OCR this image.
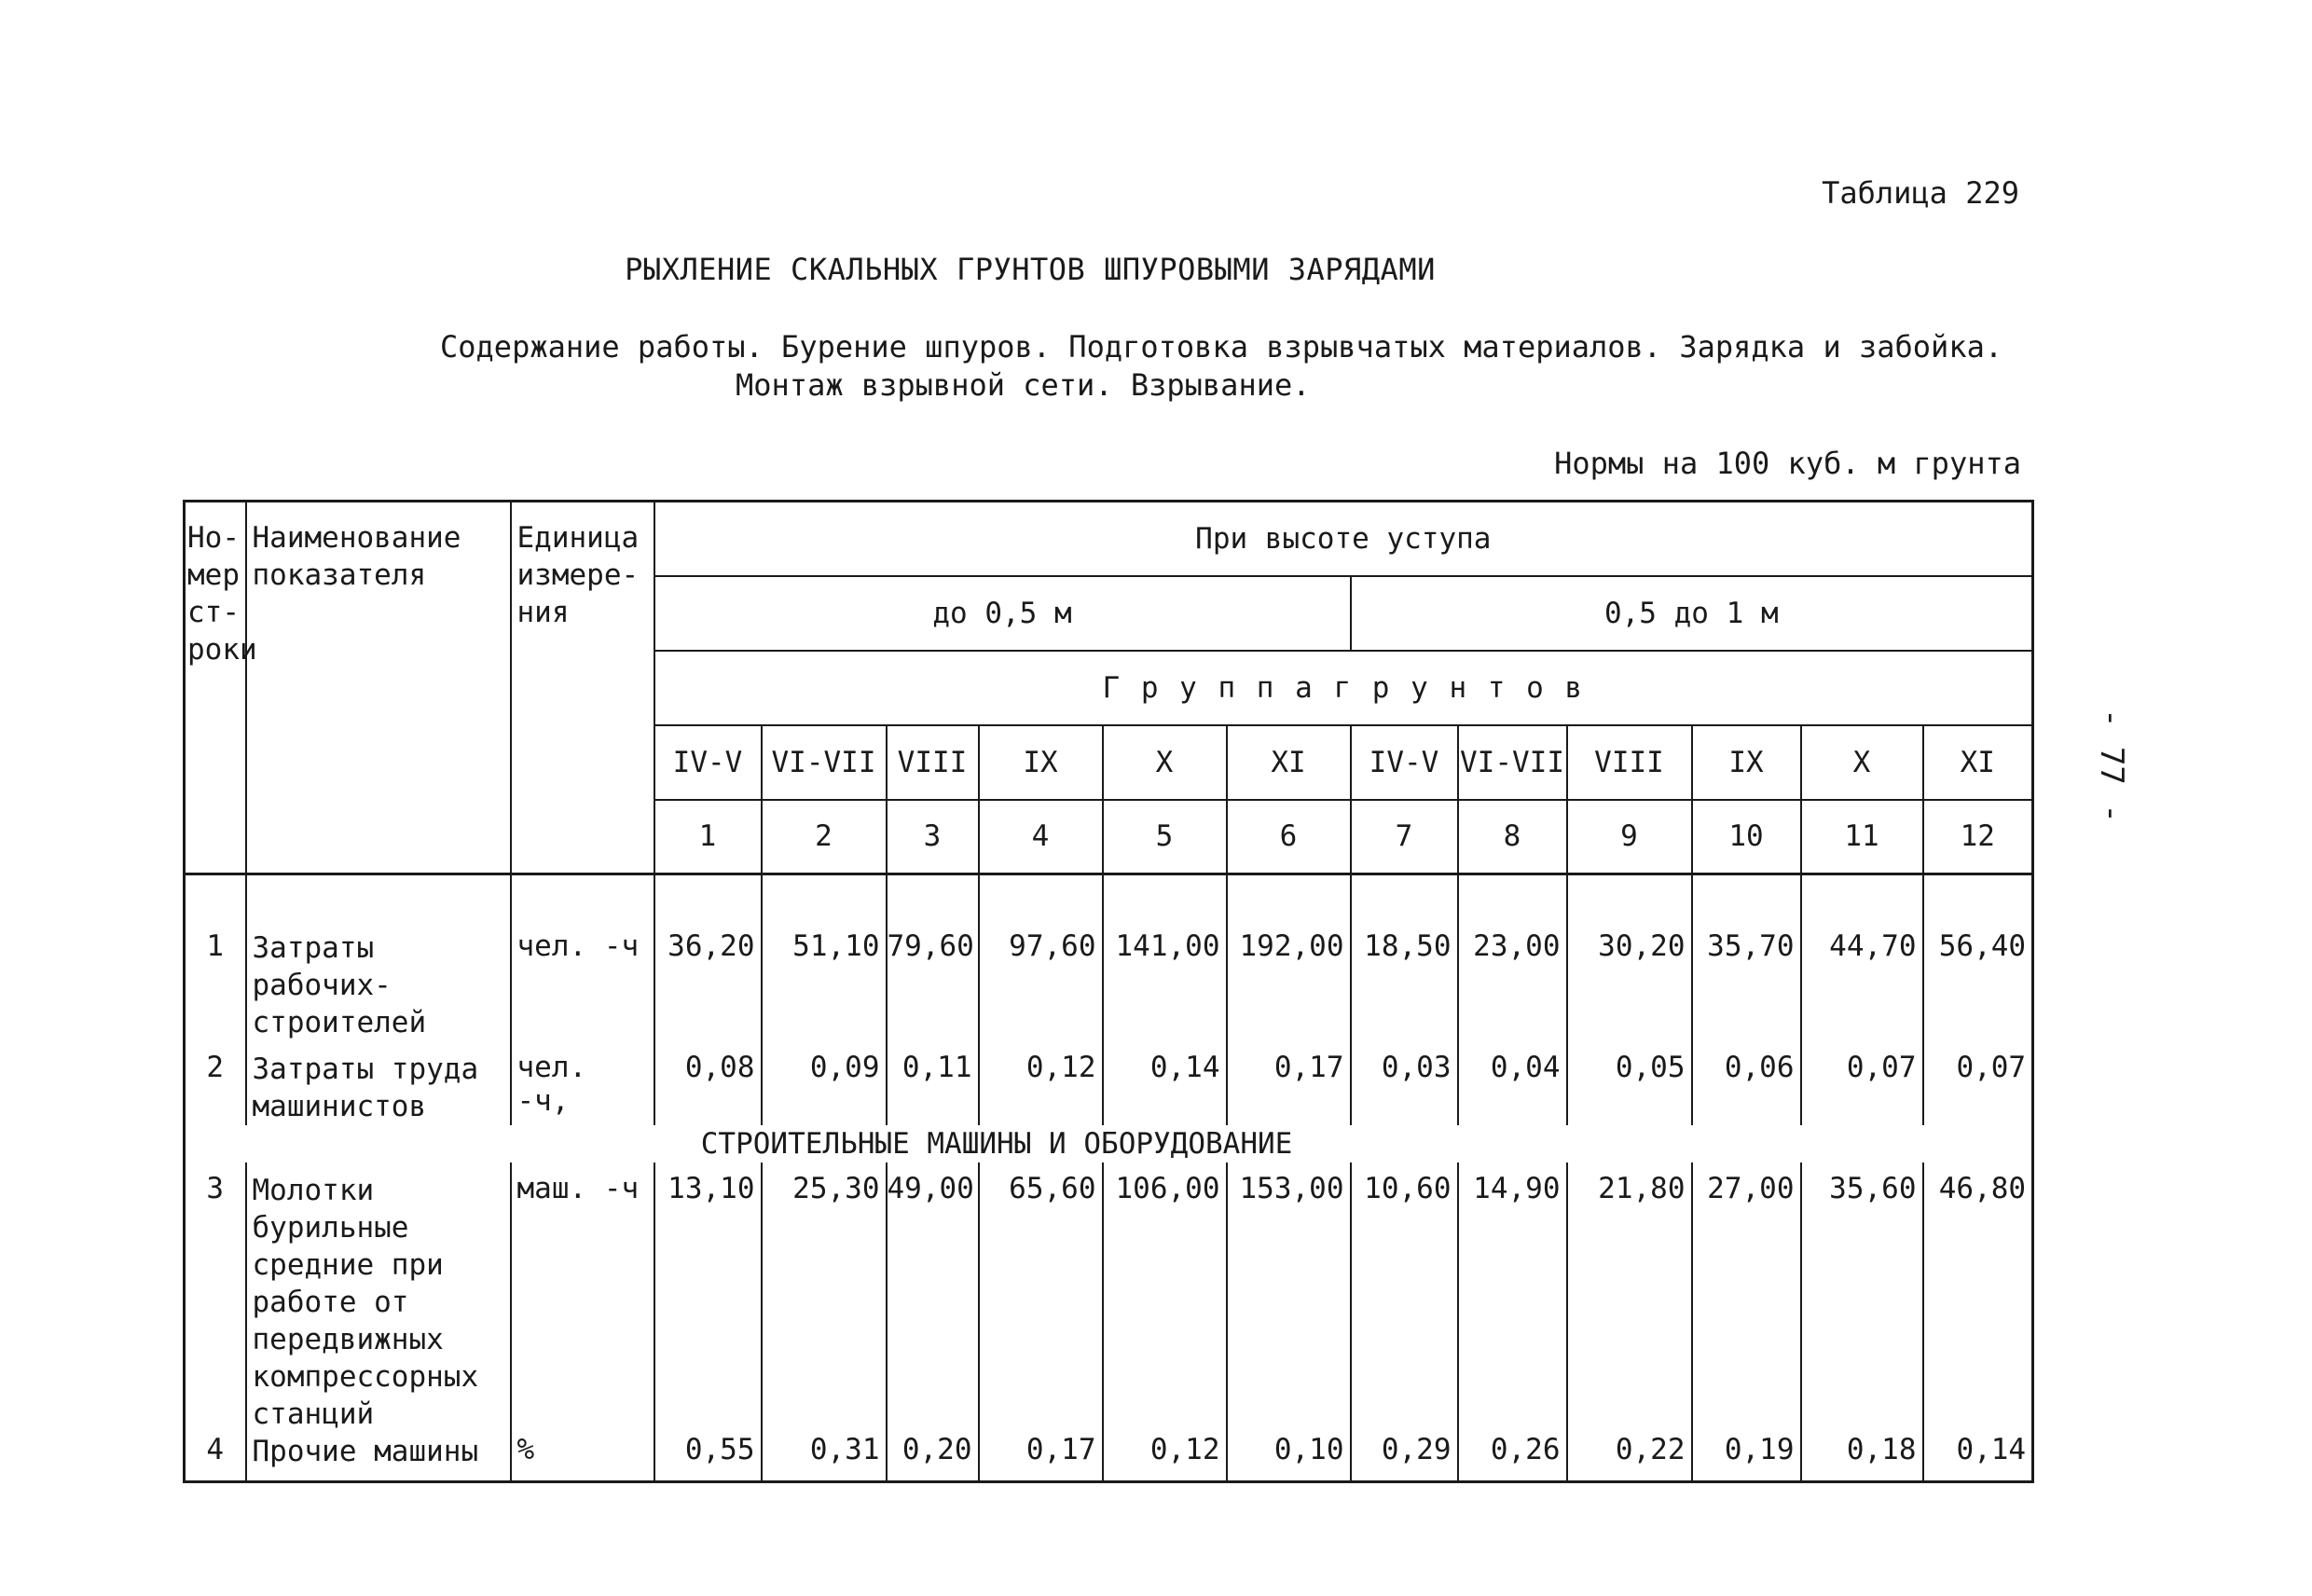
Таблица 229
РЫХЛЕНИЕ СКАЛЬНЫХ ГРУНТОВ ШПУРОВЫМИ ЗАРЯДАМИ
Содержание работы. Бурение шпуров. Подготовка взрывчатых материалов. Зарядка и забойка.
Монтаж взрывной сети. Взрывание.
Нормы на 100 куб. м грунта
- 77 -
Но-мер ст-роки	Наименование показателя	Единица измере-ния	При высоте уступа											
			до 0,5 м						0,5 до 1 м					
			Г р у п п а г р у н т о в											
			IV-V	VI-VII	VIII	IX	X	XI	IV-V	VI-VII	VIII	IX	X	XI
			1	2	3	4	5	6	7	8	9	10	11	12
1	Затраты рабочих-строителей	чел. -ч	36,20	51,10	79,60	97,60	141,00	192,00	18,50	23,00	30,20	35,70	44,70	56,40
2	Затраты труда машинистов	чел. -ч,	0,08	0,09	0,11	0,12	0,14	0,17	0,03	0,04	0,05	0,06	0,07	0,07
СТРОИТЕЛЬНЫЕ МАШИНЫ И ОБОРУДОВАНИЕ														
3	Молотки бурильные средние при работе от передвижных компрессорных станций	маш. -ч	13,10	25,30	49,00	65,60	106,00	153,00	10,60	14,90	21,80	27,00	35,60	46,80
4	Прочие машины	%	0,55	0,31	0,20	0,17	0,12	0,10	0,29	0,26	0,22	0,19	0,18	0,14
